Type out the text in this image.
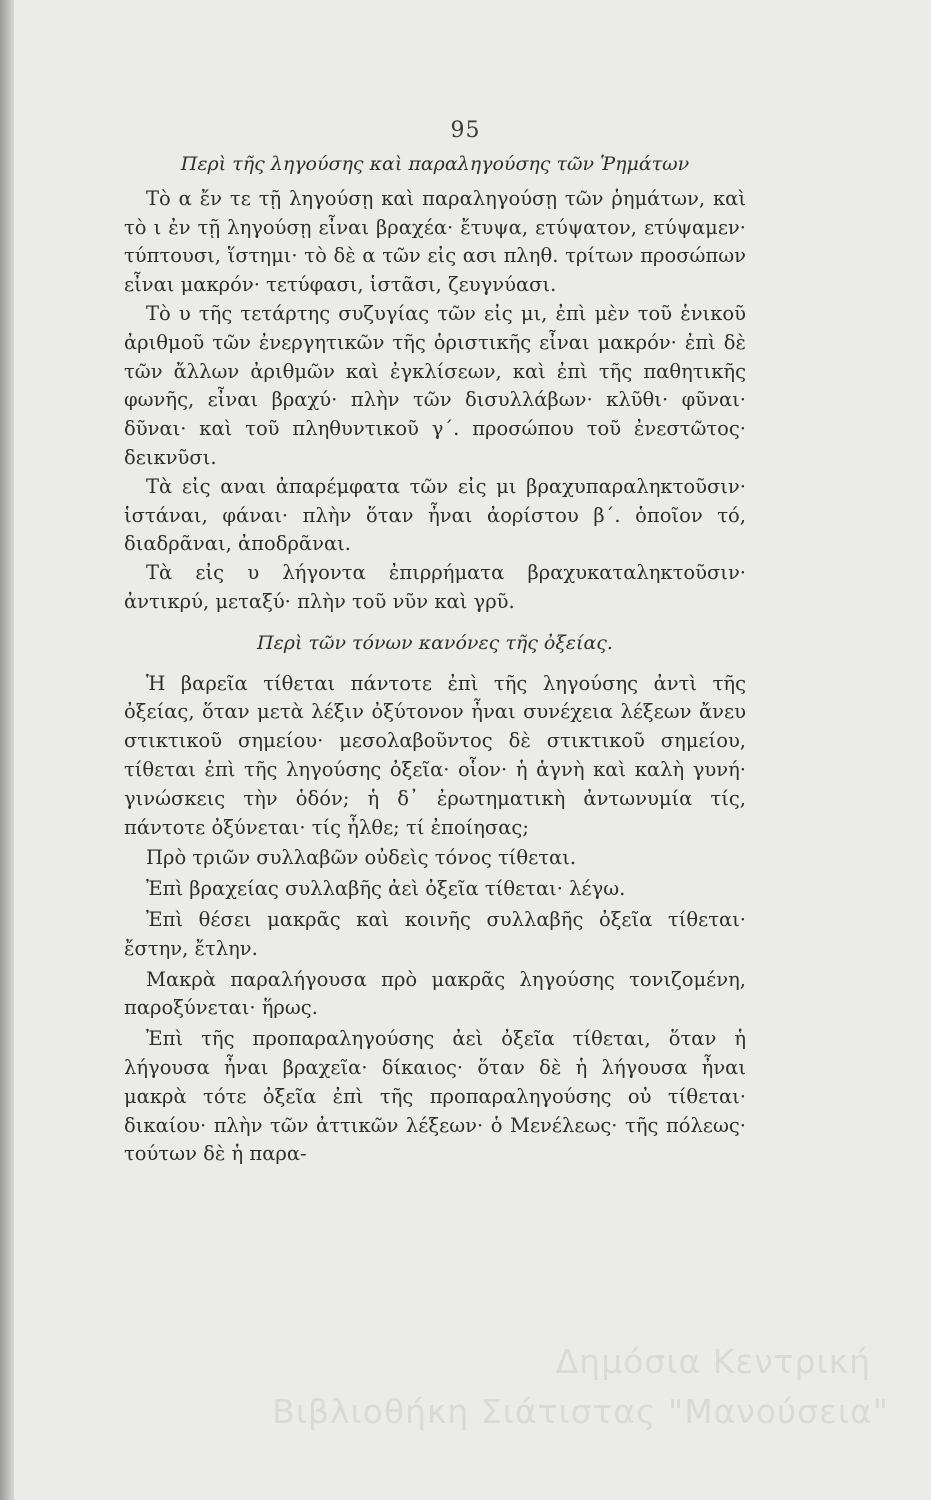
95
Περὶ τῆς ληγούσης καὶ παραληγούσης τῶν Ῥημάτων

Τὸ α ἔν τε τῇ ληγούσῃ καὶ παραληγούσῃ τῶν ῥημάτων, καὶ τὸ ι ἐν τῇ ληγούσῃ εἶναι βραχέα· ἔτυψα, ετύψατον, ετύψαμεν· τύπτουσι, ἵστημι· τὸ δὲ α τῶν εἰς ασι πληθ. τρίτων προσώπων εἶναι μακρόν· τετύφασι, ἱστᾶσι, ζευγνύασι.

Τὸ υ τῆς τετάρτης συζυγίας τῶν εἰς μι, ἐπὶ μὲν τοῦ ἑνικοῦ ἀριθμοῦ τῶν ἐνεργητικῶν τῆς ὁριστικῆς εἶναι μακρόν· ἐπὶ δὲ τῶν ἄλλων ἀριθμῶν καὶ ἐγκλίσεων, καὶ ἐπὶ τῆς παθητικῆς φωνῆς, εἶναι βραχύ· πλὴν τῶν δισυλλάβων· κλῦθι· φῦναι· δῦναι· καὶ τοῦ πληθυντικοῦ γ΄. προσώπου τοῦ ἐνεστῶτος· δεικνῦσι.

Τὰ εἰς αναι ἀπαρέμφατα τῶν εἰς μι βραχυπαραληκτοῦσιν· ἱστάναι, φάναι· πλὴν ὅταν ἦναι ἀορίστου β΄. ὁποῖον τό, διαδρᾶναι, ἀποδρᾶναι.

Τὰ εἰς υ λήγοντα ἐπιρρήματα βραχυκαταληκτοῦσιν· ἀντικρύ, μεταξύ· πλὴν τοῦ νῦν καὶ γρῦ.

Περὶ τῶν τόνων κανόνες τῆς ὀξείας.

Ἡ βαρεῖα τίθεται πάντοτε ἐπὶ τῆς ληγούσης ἀντὶ τῆς ὀξείας, ὅταν μετὰ λέξιν ὀξύτονον ἦναι συνέχεια λέξεων ἄνευ στικτικοῦ σημείου· μεσολαβοῦντος δὲ στικτικοῦ σημείου, τίθεται ἐπὶ τῆς ληγούσης ὀξεῖα· οἷον· ἡ ἁγνὴ καὶ καλὴ γυνή· γινώσκεις τὴν ὁδόν; ἡ δ᾽ ἐρωτηματικὴ ἀντωνυμία τίς, πάντοτε ὀξύνεται· τίς ἦλθε; τί ἐποίησας;

Πρὸ τριῶν συλλαβῶν οὐδεὶς τόνος τίθεται.

Ἐπὶ βραχείας συλλαβῆς ἀεὶ ὀξεῖα τίθεται· λέγω.

Ἐπὶ θέσει μακρᾶς καὶ κοινῆς συλλαβῆς ὀξεῖα τίθεται· ἔστην, ἔτλην.

Μακρὰ παραλήγουσα πρὸ μακρᾶς ληγούσης τονιζομένη, παροξύνεται· ἥρως.

Ἐπὶ τῆς προπαραληγούσης ἀεὶ ὀξεῖα τίθεται, ὅταν ἡ λήγουσα ἦναι βραχεῖα· δίκαιος· ὅταν δὲ ἡ λήγουσα ἦναι μακρὰ τότε ὀξεῖα ἐπὶ τῆς προπαραληγούσης οὐ τίθεται· δικαίου· πλὴν τῶν ἀττικῶν λέξεων· ὁ Μενέλεως· τῆς πόλεως· τούτων δὲ ἡ παρα-

Δημόσια Κεντρική
Βιβλιοθήκη Σιάτιστας "Μανούσεια"
